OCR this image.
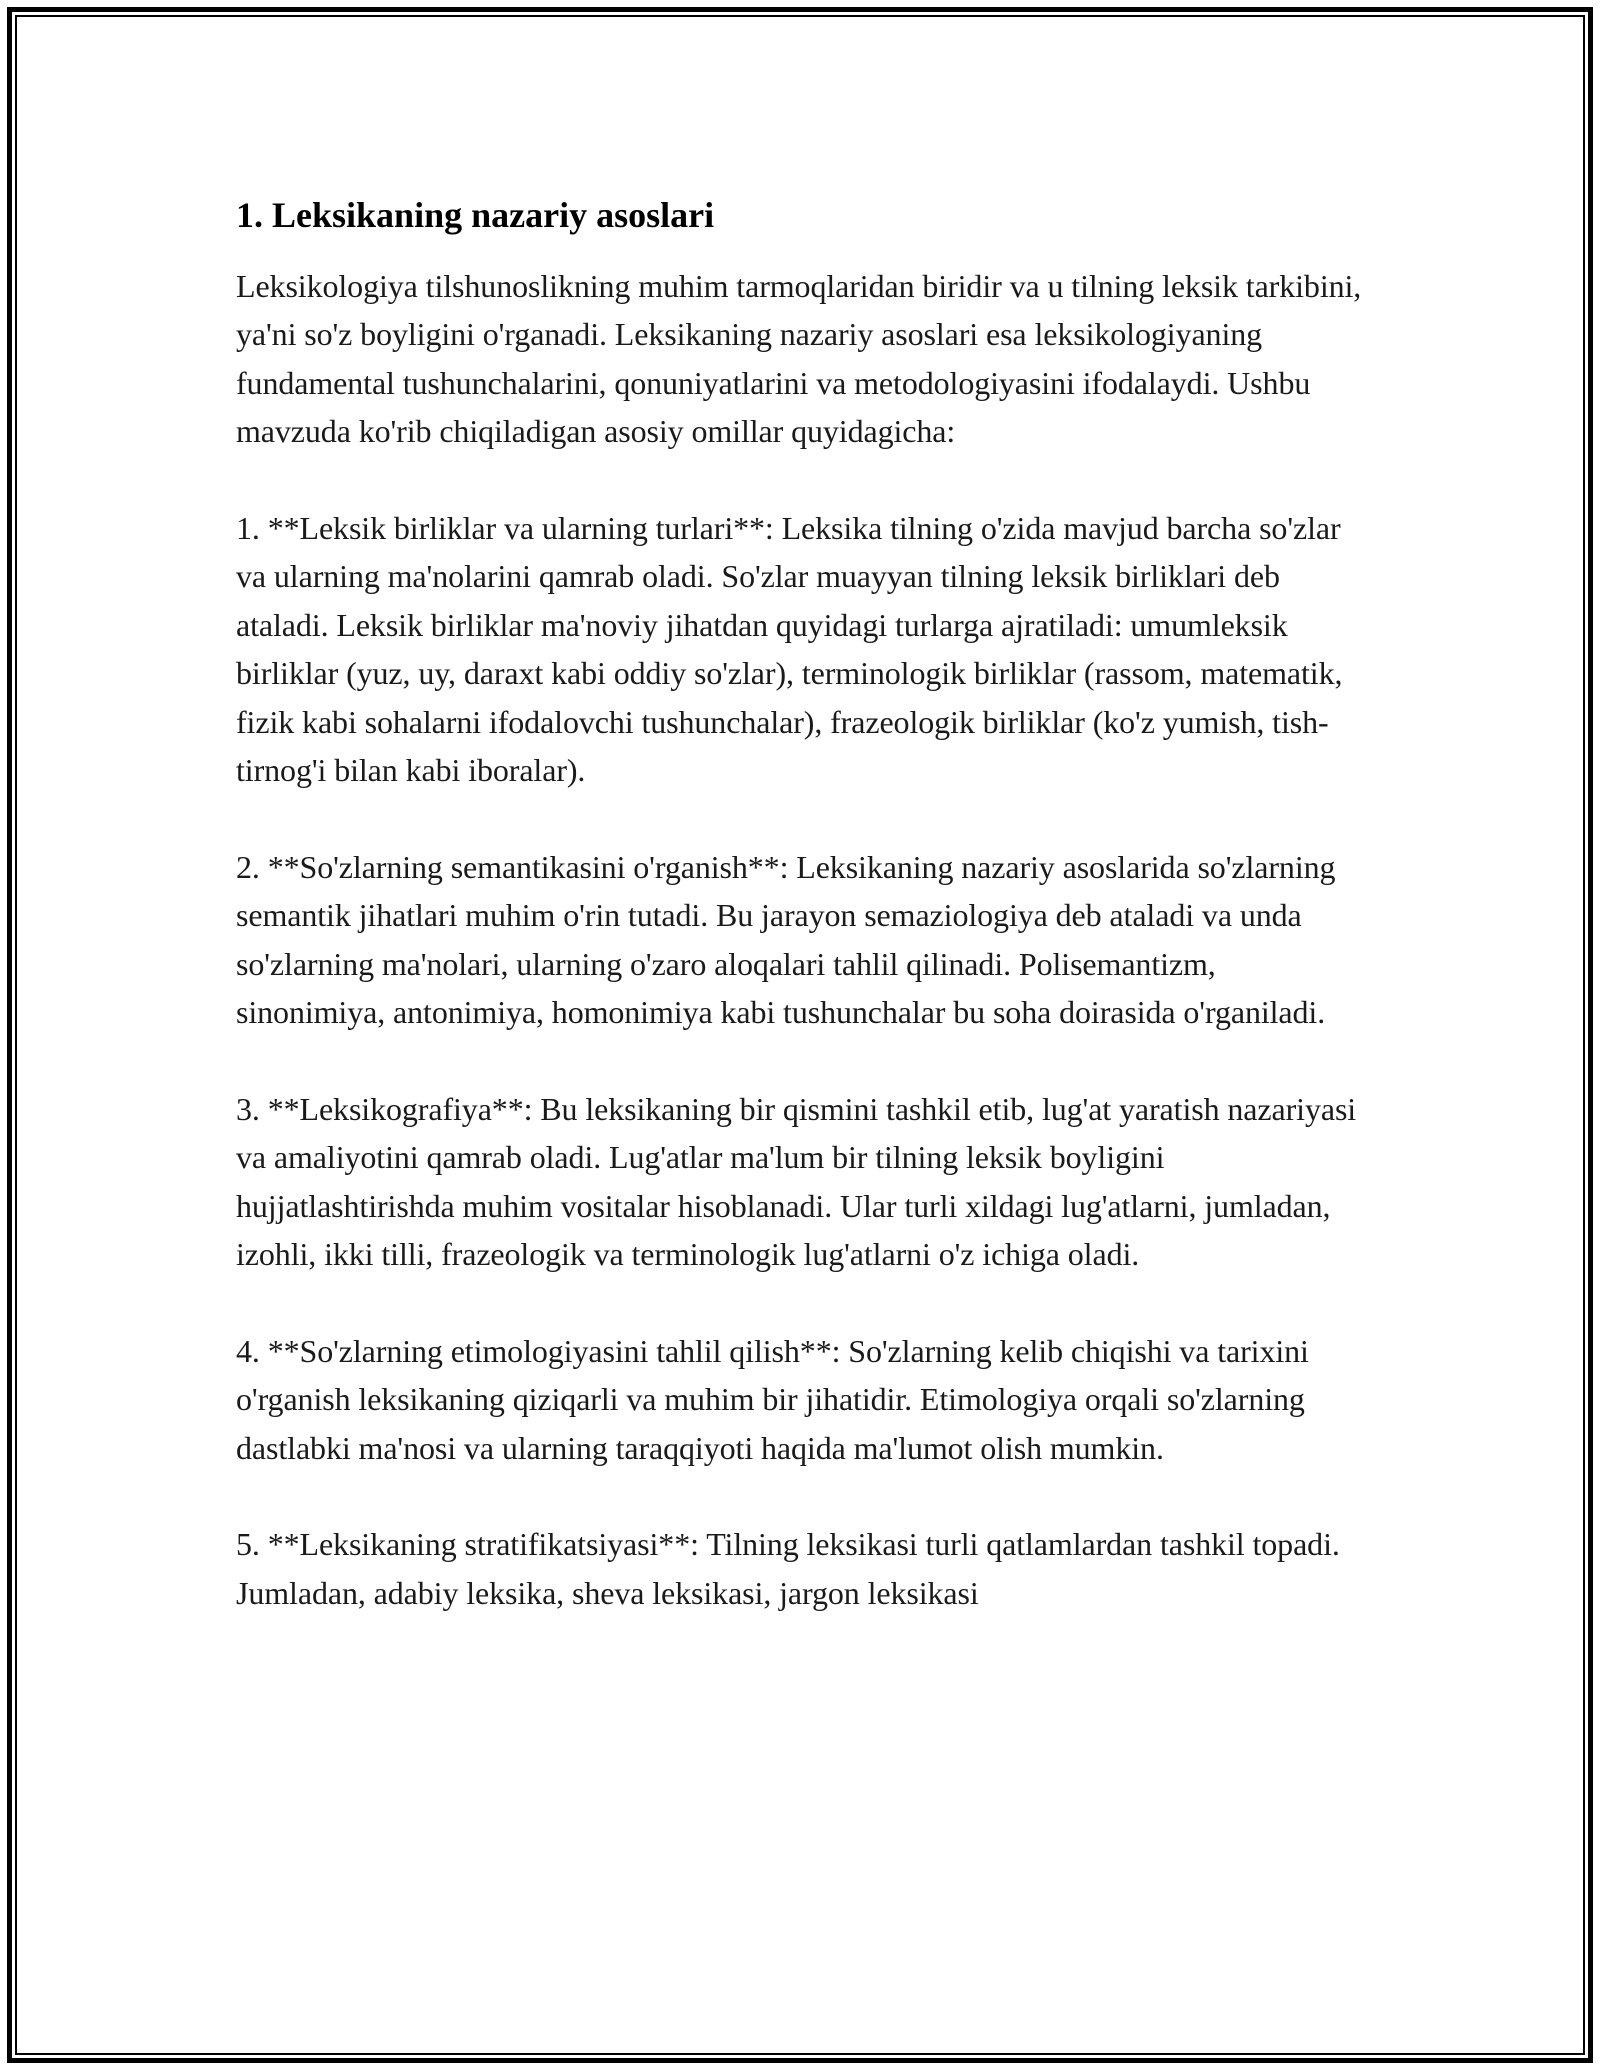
1. Leksikaning nazariy asoslari

Leksikologiya tilshunoslikning muhim tarmoqlaridan biridir va u tilning leksik tarkibini, ya'ni so'z boyligini o'rganadi. Leksikaning nazariy asoslari esa leksikologiyaning fundamental tushunchalarini, qonuniyatlarini va metodologiyasini ifodalaydi. Ushbu mavzuda ko'rib chiqiladigan asosiy omillar quyidagicha:

1. **Leksik birliklar va ularning turlari**: Leksika tilning o'zida mavjud barcha so'zlar va ularning ma'nolarini qamrab oladi. So'zlar muayyan tilning leksik birliklari deb ataladi. Leksik birliklar ma'noviy jihatdan quyidagi turlarga ajratiladi: umumleksik birliklar (yuz, uy, daraxt kabi oddiy so'zlar), terminologik birliklar (rassom, matematik, fizik kabi sohalarni ifodalovchi tushunchalar), frazeologik birliklar (ko'z yumish, tish-tirnog'i bilan kabi iboralar).

2. **So'zlarning semantikasini o'rganish**: Leksikaning nazariy asoslarida so'zlarning semantik jihatlari muhim o'rin tutadi. Bu jarayon semaziologiya deb ataladi va unda so'zlarning ma'nolari, ularning o'zaro aloqalari tahlil qilinadi. Polisemantizm, sinonimiya, antonimiya, homonimiya kabi tushunchalar bu soha doirasida o'rganiladi.

3. **Leksikografiya**: Bu leksikaning bir qismini tashkil etib, lug'at yaratish nazariyasi va amaliyotini qamrab oladi. Lug'atlar ma'lum bir tilning leksik boyligini hujjatlashtirishda muhim vositalar hisoblanadi. Ular turli xildagi lug'atlarni, jumladan, izohli, ikki tilli, frazeologik va terminologik lug'atlarni o'z ichiga oladi.

4. **So'zlarning etimologiyasini tahlil qilish**: So'zlarning kelib chiqishi va tarixini o'rganish leksikaning qiziqarli va muhim bir jihatidir. Etimologiya orqali so'zlarning dastlabki ma'nosi va ularning taraqqiyoti haqida ma'lumot olish mumkin.

5. **Leksikaning stratifikatsiyasi**: Tilning leksikasi turli qatlamlardan tashkil topadi. Jumladan, adabiy leksika, sheva leksikasi, jargon leksikasi
